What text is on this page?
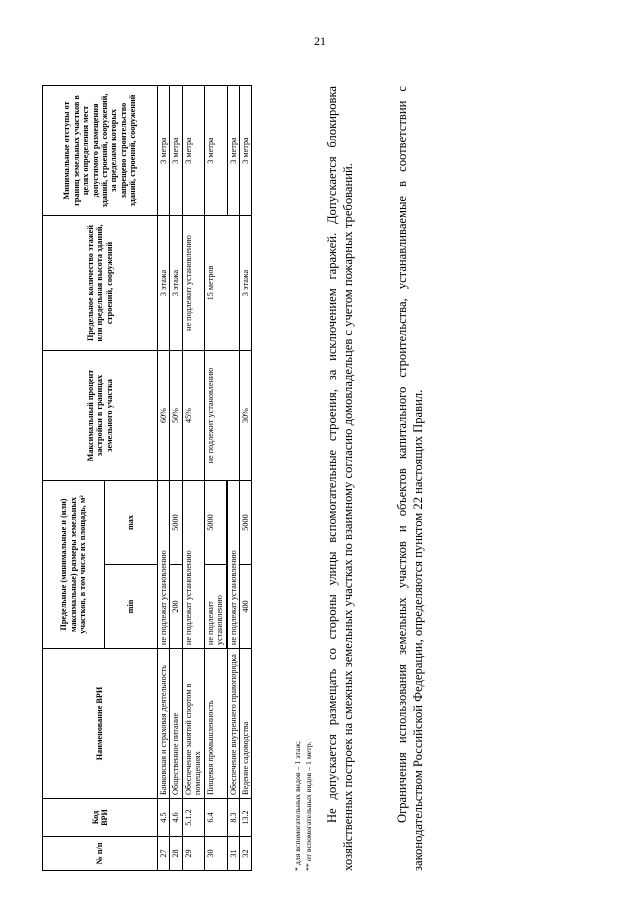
21
№ п/п	Код ВРИ	Наименование ВРИ	Предельные (минимальные и (или) максимальные) размеры земельных участков, в том числе их площадь, м²		Максимальный процент застройки в границах земельного участка	Предельное количество этажей или предельная высота зданий, строений, сооружений	Минимальные отступы от границ земельных участков в целях определения мест допустимого размещения зданий, строений, сооружений, за пределами которых запрещено строительство зданий, строений, сооружений
			min	max			
27	4.5	Банковская и страховая деятельность	не подлежат установлению		60%	3 этажа	3 метра
28	4.6	Общественное питание	200	5000	50%	3 этажа	3 метра
29	5.1.2	Обеспечение занятий спортом в помещениях	не подлежат установлению		45%	не подлежит установлению	3 метра
30	6.4	Пищевая промышленность	не подлежит установлению	5000	не подлежит установлению	15 метров	3 метра

31	8.3	Обеспечение внутреннего правопорядка	не подлежат установлению				3 метра
32	13.2	Ведение садоводства	400	5000	30%	3 этажа	3 метра
* для вспомогательных видов – 1 этаж; ** от вспомогательных видов – 1 метр. Не допускается размещать со стороны улицы вспомогательные строения, за исключением гаражей. Допускается блокировка хозяйственных построек на смежных земельных участках по взаимному согласию домовладельцев с учетом пожарных требований.	Ограничения использования земельных участков и объектов капитального строительства, устанавливаемые в соответствии с законодательством Российской Федерации, определяются пунктом 22 настоящих Правил.
